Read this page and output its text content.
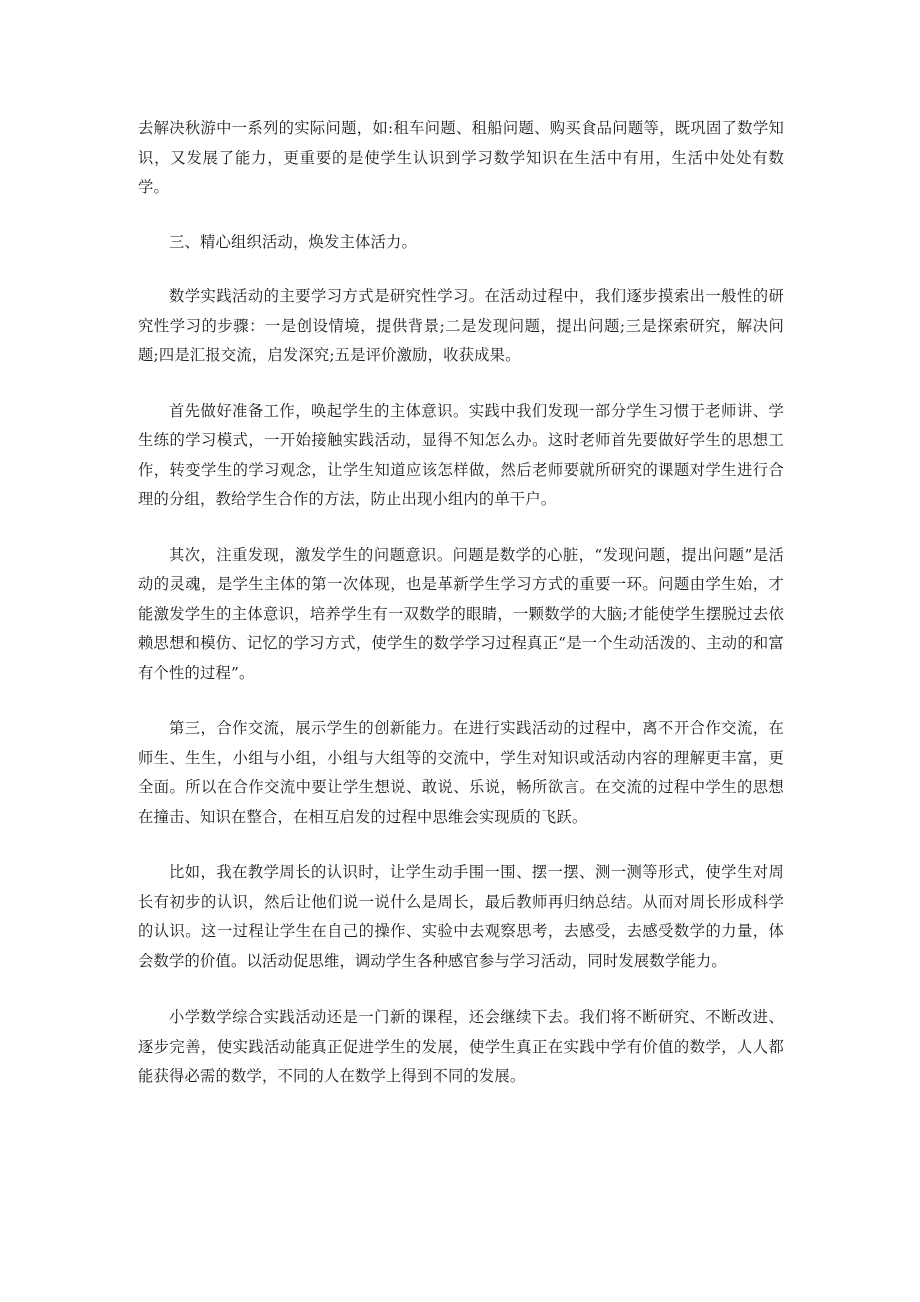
去解决秋游中一系列的实际问题，如:租车问题、租船问题、购买食品问题等，既巩固了数学知识，又发展了能力，更重要的是使学生认识到学习数学知识在生活中有用，生活中处处有数学。

三、精心组织活动，焕发主体活力。

数学实践活动的主要学习方式是研究性学习。在活动过程中，我们逐步摸索出一般性的研究性学习的步骤：一是创设情境，提供背景;二是发现问题，提出问题;三是探索研究，解决问题;四是汇报交流，启发深究;五是评价激励，收获成果。

首先做好准备工作，唤起学生的主体意识。实践中我们发现一部分学生习惯于老师讲、学生练的学习模式，一开始接触实践活动，显得不知怎么办。这时老师首先要做好学生的思想工作，转变学生的学习观念，让学生知道应该怎样做，然后老师要就所研究的课题对学生进行合理的分组，教给学生合作的方法，防止出现小组内的单干户。

其次，注重发现，激发学生的问题意识。问题是数学的心脏，“发现问题，提出问题”是活动的灵魂，是学生主体的第一次体现，也是革新学生学习方式的重要一环。问题由学生始，才能激发学生的主体意识，培养学生有一双数学的眼睛，一颗数学的大脑;才能使学生摆脱过去依赖思想和模仿、记忆的学习方式，使学生的数学学习过程真正“是一个生动活泼的、主动的和富有个性的过程”。

第三，合作交流，展示学生的创新能力。在进行实践活动的过程中，离不开合作交流，在师生、生生，小组与小组，小组与大组等的交流中，学生对知识或活动内容的理解更丰富，更全面。所以在合作交流中要让学生想说、敢说、乐说，畅所欲言。在交流的过程中学生的思想在撞击、知识在整合，在相互启发的过程中思维会实现质的飞跃。

比如，我在教学周长的认识时，让学生动手围一围、摆一摆、测一测等形式，使学生对周长有初步的认识，然后让他们说一说什么是周长，最后教师再归纳总结。从而对周长形成科学的认识。这一过程让学生在自己的操作、实验中去观察思考，去感受，去感受数学的力量，体会数学的价值。以活动促思维，调动学生各种感官参与学习活动，同时发展数学能力。

小学数学综合实践活动还是一门新的课程，还会继续下去。我们将不断研究、不断改进、逐步完善，使实践活动能真正促进学生的发展，使学生真正在实践中学有价值的数学，人人都能获得必需的数学，不同的人在数学上得到不同的发展。
